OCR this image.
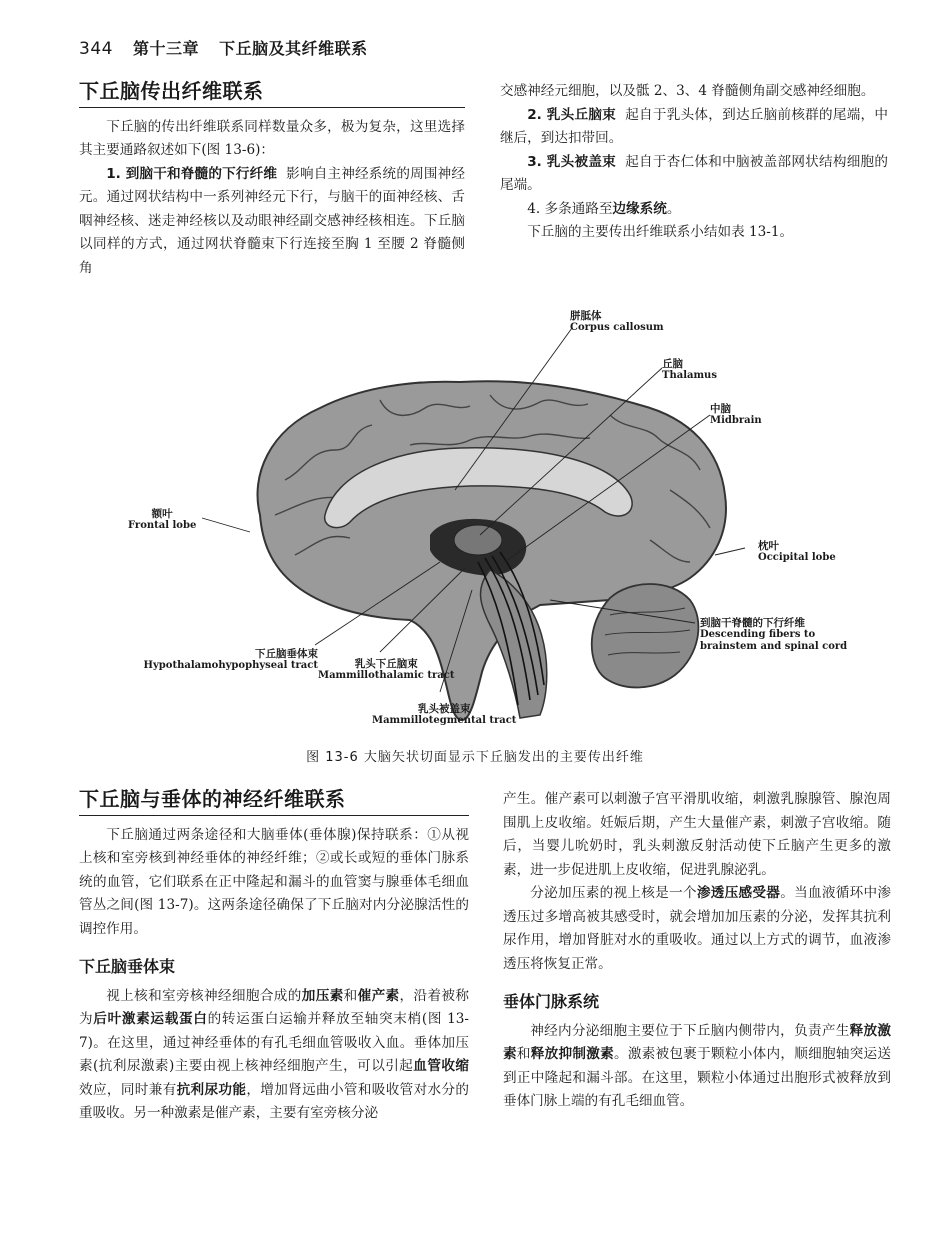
344 第十三章 下丘脑及其纤维联系
下丘脑传出纤维联系

下丘脑的传出纤维联系同样数量众多，极为复杂，这里选择其主要通路叙述如下(图 13-6)：

1. 到脑干和脊髓的下行纤维 影响自主神经系统的周围神经元。通过网状结构中一系列神经元下行，与脑干的面神经核、舌咽神经核、迷走神经核以及动眼神经副交感神经核相连。下丘脑以同样的方式，通过网状脊髓束下行连接至胸 1 至腰 2 脊髓侧角

交感神经元细胞，以及骶 2、3、4 脊髓侧角副交感神经细胞。

2. 乳头丘脑束 起自于乳头体，到达丘脑前核群的尾端，中继后，到达扣带回。

3. 乳头被盖束 起自于杏仁体和中脑被盖部网状结构细胞的尾端。

4. 多条通路至边缘系统。

下丘脑的主要传出纤维联系小结如表 13-1。

胼胝体
Corpus callosum
丘脑
Thalamus
中脑
Midbrain
额叶
Frontal lobe
枕叶
Occipital lobe
到脑干脊髓的下行纤维
Descending fibers to
brainstem and spinal cord
下丘脑垂体束
Hypothalamohypophyseal tract	乳头下丘脑束
Mammillothalamic tract
乳头被盖束
Mammillotegmental tract
图 13-6 大脑矢状切面显示下丘脑发出的主要传出纤维
下丘脑与垂体的神经纤维联系

下丘脑通过两条途径和大脑垂体(垂体腺)保持联系：①从视上核和室旁核到神经垂体的神经纤维；②或长或短的垂体门脉系统的血管，它们联系在正中隆起和漏斗的血管窦与腺垂体毛细血管丛之间(图 13-7)。这两条途径确保了下丘脑对内分泌腺活性的调控作用。

下丘脑垂体束

视上核和室旁核神经细胞合成的加压素和催产素，沿着被称为后叶激素运载蛋白的转运蛋白运输并释放至轴突末梢(图 13-7)。在这里，通过神经垂体的有孔毛细血管吸收入血。垂体加压素(抗利尿激素)主要由视上核神经细胞产生，可以引起血管收缩效应，同时兼有抗利尿功能，增加肾远曲小管和吸收管对水分的重吸收。另一种激素是催产素，主要有室旁核分泌

产生。催产素可以刺激子宫平滑肌收缩，刺激乳腺腺管、腺泡周围肌上皮收缩。妊娠后期，产生大量催产素，刺激子宫收缩。随后，当婴儿吮奶时，乳头刺激反射活动使下丘脑产生更多的激素，进一步促进肌上皮收缩，促进乳腺泌乳。

分泌加压素的视上核是一个渗透压感受器。当血液循环中渗透压过多增高被其感受时，就会增加加压素的分泌，发挥其抗利尿作用，增加肾脏对水的重吸收。通过以上方式的调节，血液渗透压将恢复正常。

垂体门脉系统

神经内分泌细胞主要位于下丘脑内侧带内，负责产生释放激素和释放抑制激素。激素被包裹于颗粒小体内，顺细胞轴突运送到正中隆起和漏斗部。在这里，颗粒小体通过出胞形式被释放到垂体门脉上端的有孔毛细血管。
